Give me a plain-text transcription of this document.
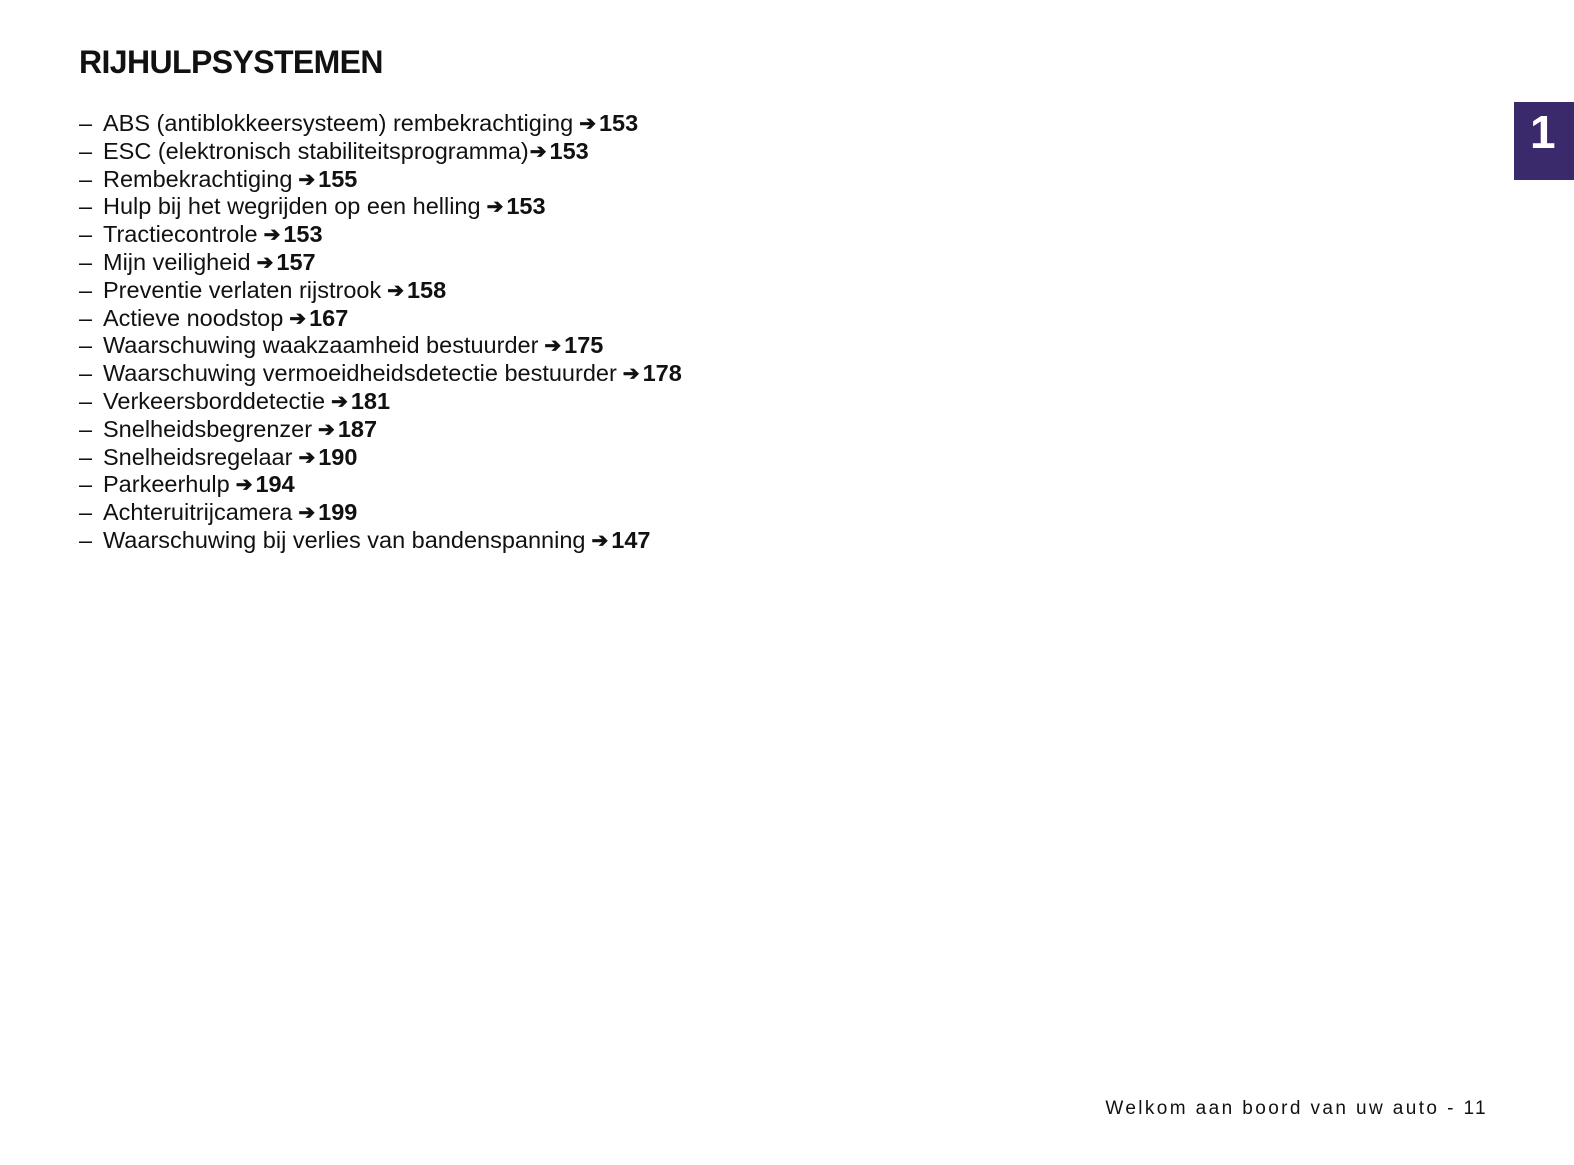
RIJHULPSYSTEMEN
– ABS (antiblokkeersysteem) rembekrachtiging ➔ 153
– ESC (elektronisch stabiliteitsprogramma)➔ 153
– Rembekrachtiging ➔ 155
– Hulp bij het wegrijden op een helling ➔ 153
– Tractiecontrole ➔ 153
– Mijn veiligheid ➔ 157
– Preventie verlaten rijstrook ➔ 158
– Actieve noodstop ➔ 167
– Waarschuwing waakzaamheid bestuurder ➔ 175
– Waarschuwing vermoeidheidsdetectie bestuurder ➔ 178
– Verkeersborddetectie ➔ 181
– Snelheidsbegrenzer ➔ 187
– Snelheidsregelaar ➔ 190
– Parkeerhulp ➔ 194
– Achteruitrijcamera ➔ 199
– Waarschuwing bij verlies van bandenspanning ➔ 147
1
Welkom aan boord van uw auto - 11
